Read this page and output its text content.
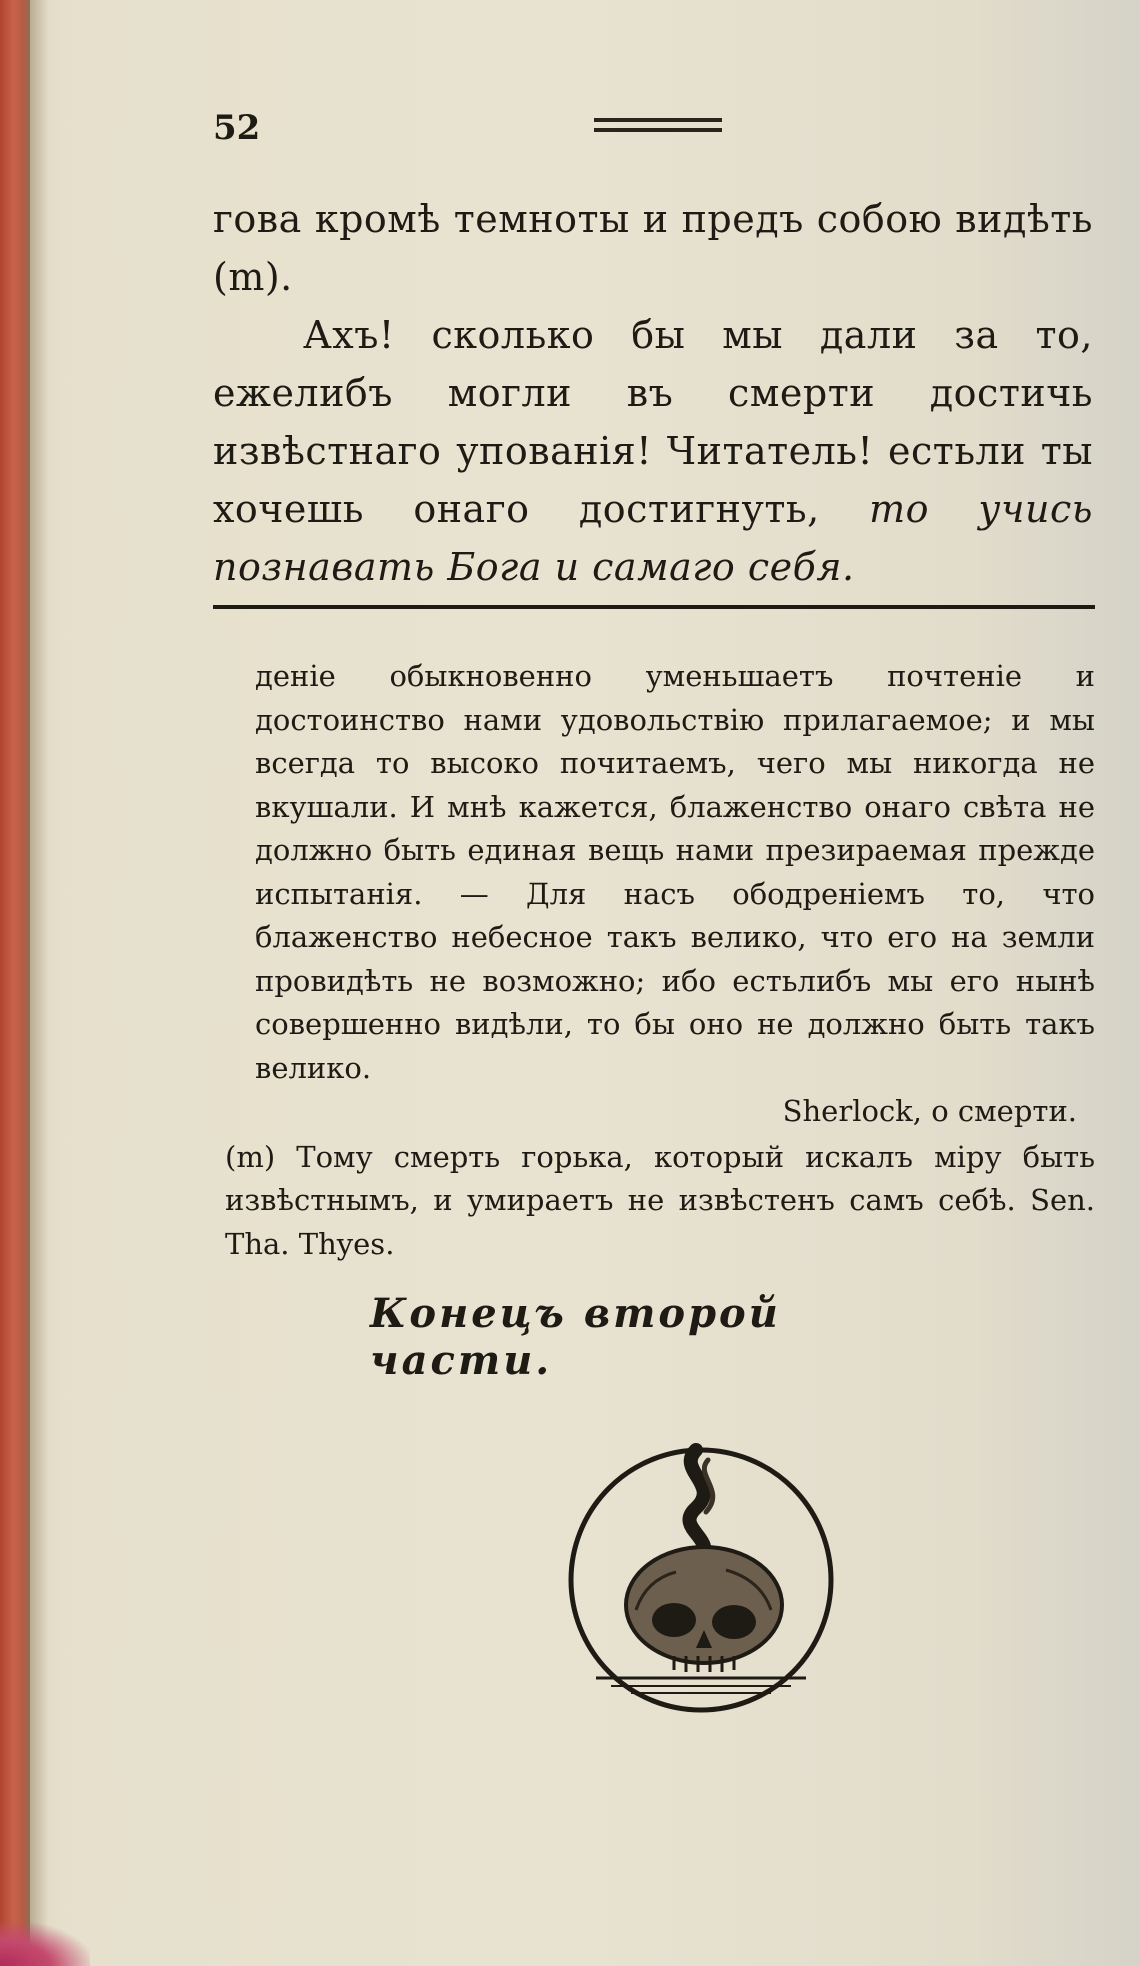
52

гова кромѣ темноты и предъ собою видѣть (m).

Ахъ! сколько бы мы дали за то, ежелибъ могли въ смерти достичь извѣстнаго упованія! Читатель! естьли ты хочешь онаго достигнуть, то учись познавать Бога и самаго себя.

деніе обыкновенно уменьшаетъ почтеніе и достоинство нами удовольствію прилагаемое; и мы всегда то высоко почитаемъ, чего мы никогда не вкушали. И мнѣ кажется, блаженство онаго свѣта не должно быть единая вещь нами презираемая прежде испытанія. — Для насъ ободреніемъ то, что блаженство небесное такъ велико, что его на земли провидѣть не возможно; ибо естьлибъ мы его нынѣ совершенно видѣли, то бы оно не должно быть такъ велико.

Sherlock, о смерти.

(m) Тому смерть горька, который искалъ міру быть извѣстнымъ, и умираетъ не извѣстенъ самъ себѣ. Sen. Tha. Thyes.

Конецъ второй части.
